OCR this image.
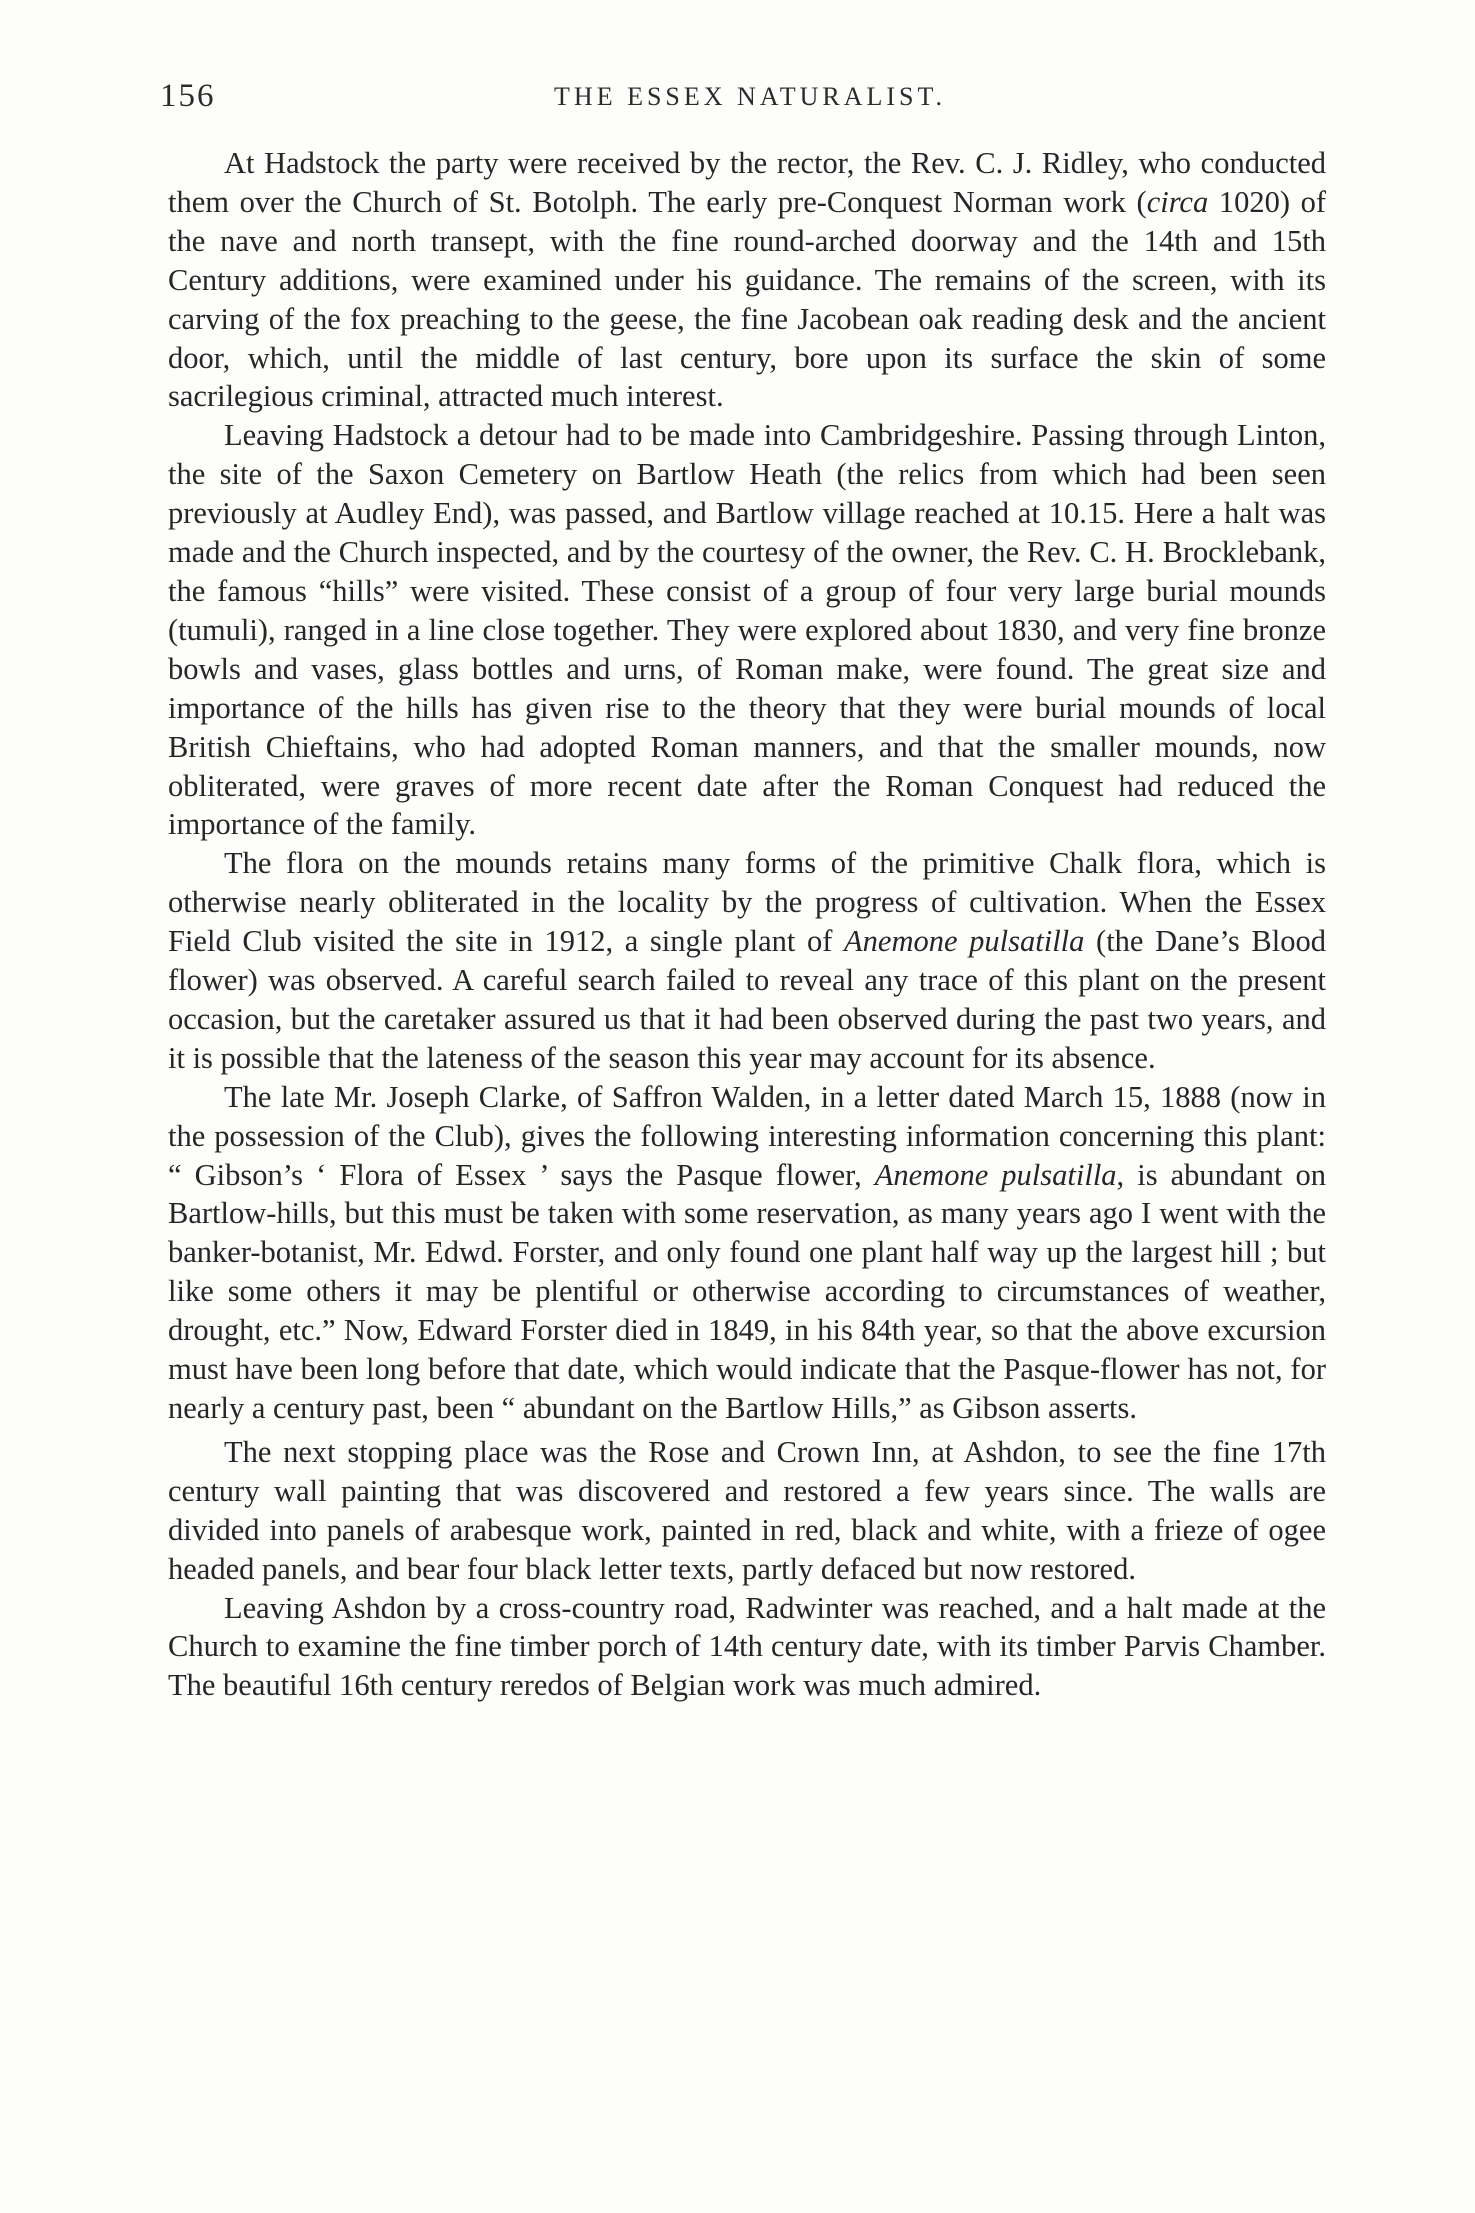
156	THE ESSEX NATURALIST.

At Hadstock the party were received by the rector, the Rev. C. J. Ridley, who conducted them over the Church of St. Botolph. The early pre-Conquest Norman work (circa 1020) of the nave and north transept, with the fine round-arched doorway and the 14th and 15th Century additions, were examined under his guidance. The remains of the screen, with its carving of the fox preaching to the geese, the fine Jacobean oak reading desk and the ancient door, which, until the middle of last century, bore upon its surface the skin of some sacrilegious criminal, attracted much interest.

Leaving Hadstock a detour had to be made into Cambridgeshire. Passing through Linton, the site of the Saxon Cemetery on Bartlow Heath (the relics from which had been seen previously at Audley End), was passed, and Bartlow village reached at 10.15. Here a halt was made and the Church inspected, and by the courtesy of the owner, the Rev. C. H. Brocklebank, the famous “hills” were visited. These consist of a group of four very large burial mounds (tumuli), ranged in a line close together. They were explored about 1830, and very fine bronze bowls and vases, glass bottles and urns, of Roman make, were found. The great size and importance of the hills has given rise to the theory that they were burial mounds of local British Chieftains, who had adopted Roman manners, and that the smaller mounds, now obliterated, were graves of more recent date after the Roman Conquest had reduced the importance of the family.

The flora on the mounds retains many forms of the primitive Chalk flora, which is otherwise nearly obliterated in the locality by the progress of cultivation. When the Essex Field Club visited the site in 1912, a single plant of Anemone pulsatilla (the Dane’s Blood flower) was observed. A careful search failed to reveal any trace of this plant on the present occasion, but the caretaker assured us that it had been observed during the past two years, and it is possible that the lateness of the season this year may account for its absence.

The late Mr. Joseph Clarke, of Saffron Walden, in a letter dated March 15, 1888 (now in the possession of the Club), gives the following interesting information concerning this plant: “ Gibson’s ‘ Flora of Essex ’ says the Pasque flower, Anemone pulsatilla, is abundant on Bartlow-hills, but this must be taken with some reservation, as many years ago I went with the banker-botanist, Mr. Edwd. Forster, and only found one plant half way up the largest hill ; but like some others it may be plentiful or otherwise according to circumstances of weather, drought, etc.” Now, Edward Forster died in 1849, in his 84th year, so that the above excursion must have been long before that date, which would indicate that the Pasque-flower has not, for nearly a century past, been “ abundant on the Bartlow Hills,” as Gibson asserts.

The next stopping place was the Rose and Crown Inn, at Ashdon, to see the fine 17th century wall painting that was discovered and restored a few years since. The walls are divided into panels of arabesque work, painted in red, black and white, with a frieze of ogee headed panels, and bear four black letter texts, partly defaced but now restored.

Leaving Ashdon by a cross-country road, Radwinter was reached, and a halt made at the Church to examine the fine timber porch of 14th century date, with its timber Parvis Chamber. The beautiful 16th century reredos of Belgian work was much admired.
